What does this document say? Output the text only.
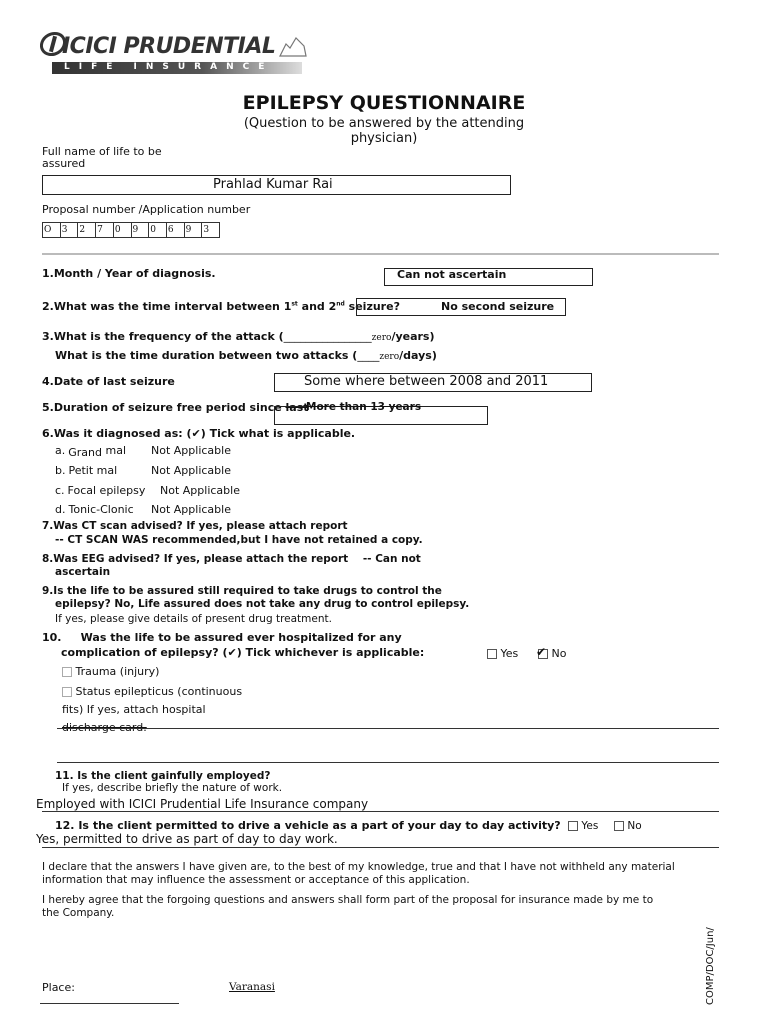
ICICI PRUDENTIAL
LIFE INSURANCE
EPILEPSY QUESTIONNAIRE
(Question to be answered by the attending
physician)
Full name of life to be
assured
Prahlad Kumar Rai
Proposal number /Application number
O	3	2	7	0	9	0	6	9	3
1.Month / Year of diagnosis.	Can not ascertain
2.What was the time interval between 1st and 2nd seizure?	No second seizure
3.What is the frequency of the attack (________________zero/years)
What is the time duration between two attacks (____zero/days)
4.Date of last seizure	Some where between 2008 and 2011
5.Duration of seizure free period since last
More than 13 years
6.Was it diagnosed as: (✔) Tick what is applicable.
a. Grand mal Not Applicable
b. Petit mal	Not Applicable
c. Focal epilepsy Not Applicable
d. Tonic-Clonic Not Applicable
7.Was CT scan advised? If yes, please attach report
-- CT SCAN WAS recommended,but I have not retained a copy.
8.Was EEG advised? If yes, please attach the report -- Can not
ascertain
9.Is the life to be assured still required to take drugs to control the
epilepsy? No, Life assured does not take any drug to control epilepsy.
If yes, please give details of present drug treatment.
10. Was the life to be assured ever hospitalized for any
complication of epilepsy? (✔) Tick whichever is applicable:	Yes ✔ No
Trauma (injury)
Status epilepticus (continuous
fits) If yes, attach hospital
discharge card.
11. Is the client gainfully employed?
If yes, describe briefly the nature of work.
Employed with ICICI Prudential Life Insurance company
12. Is the client permitted to drive a vehicle as a part of your day to day activity?	Yes	No
Yes, permitted to drive as part of day to day work.
I declare that the answers I have given are, to the best of my knowledge, true and that I have not withheld any material
information that may influence the assessment or acceptance of this application.
I hereby agree that the forgoing questions and answers shall form part of the proposal for insurance made by me to
the Company.
Place:	Varanasi	COMP/DOC/Jun/
